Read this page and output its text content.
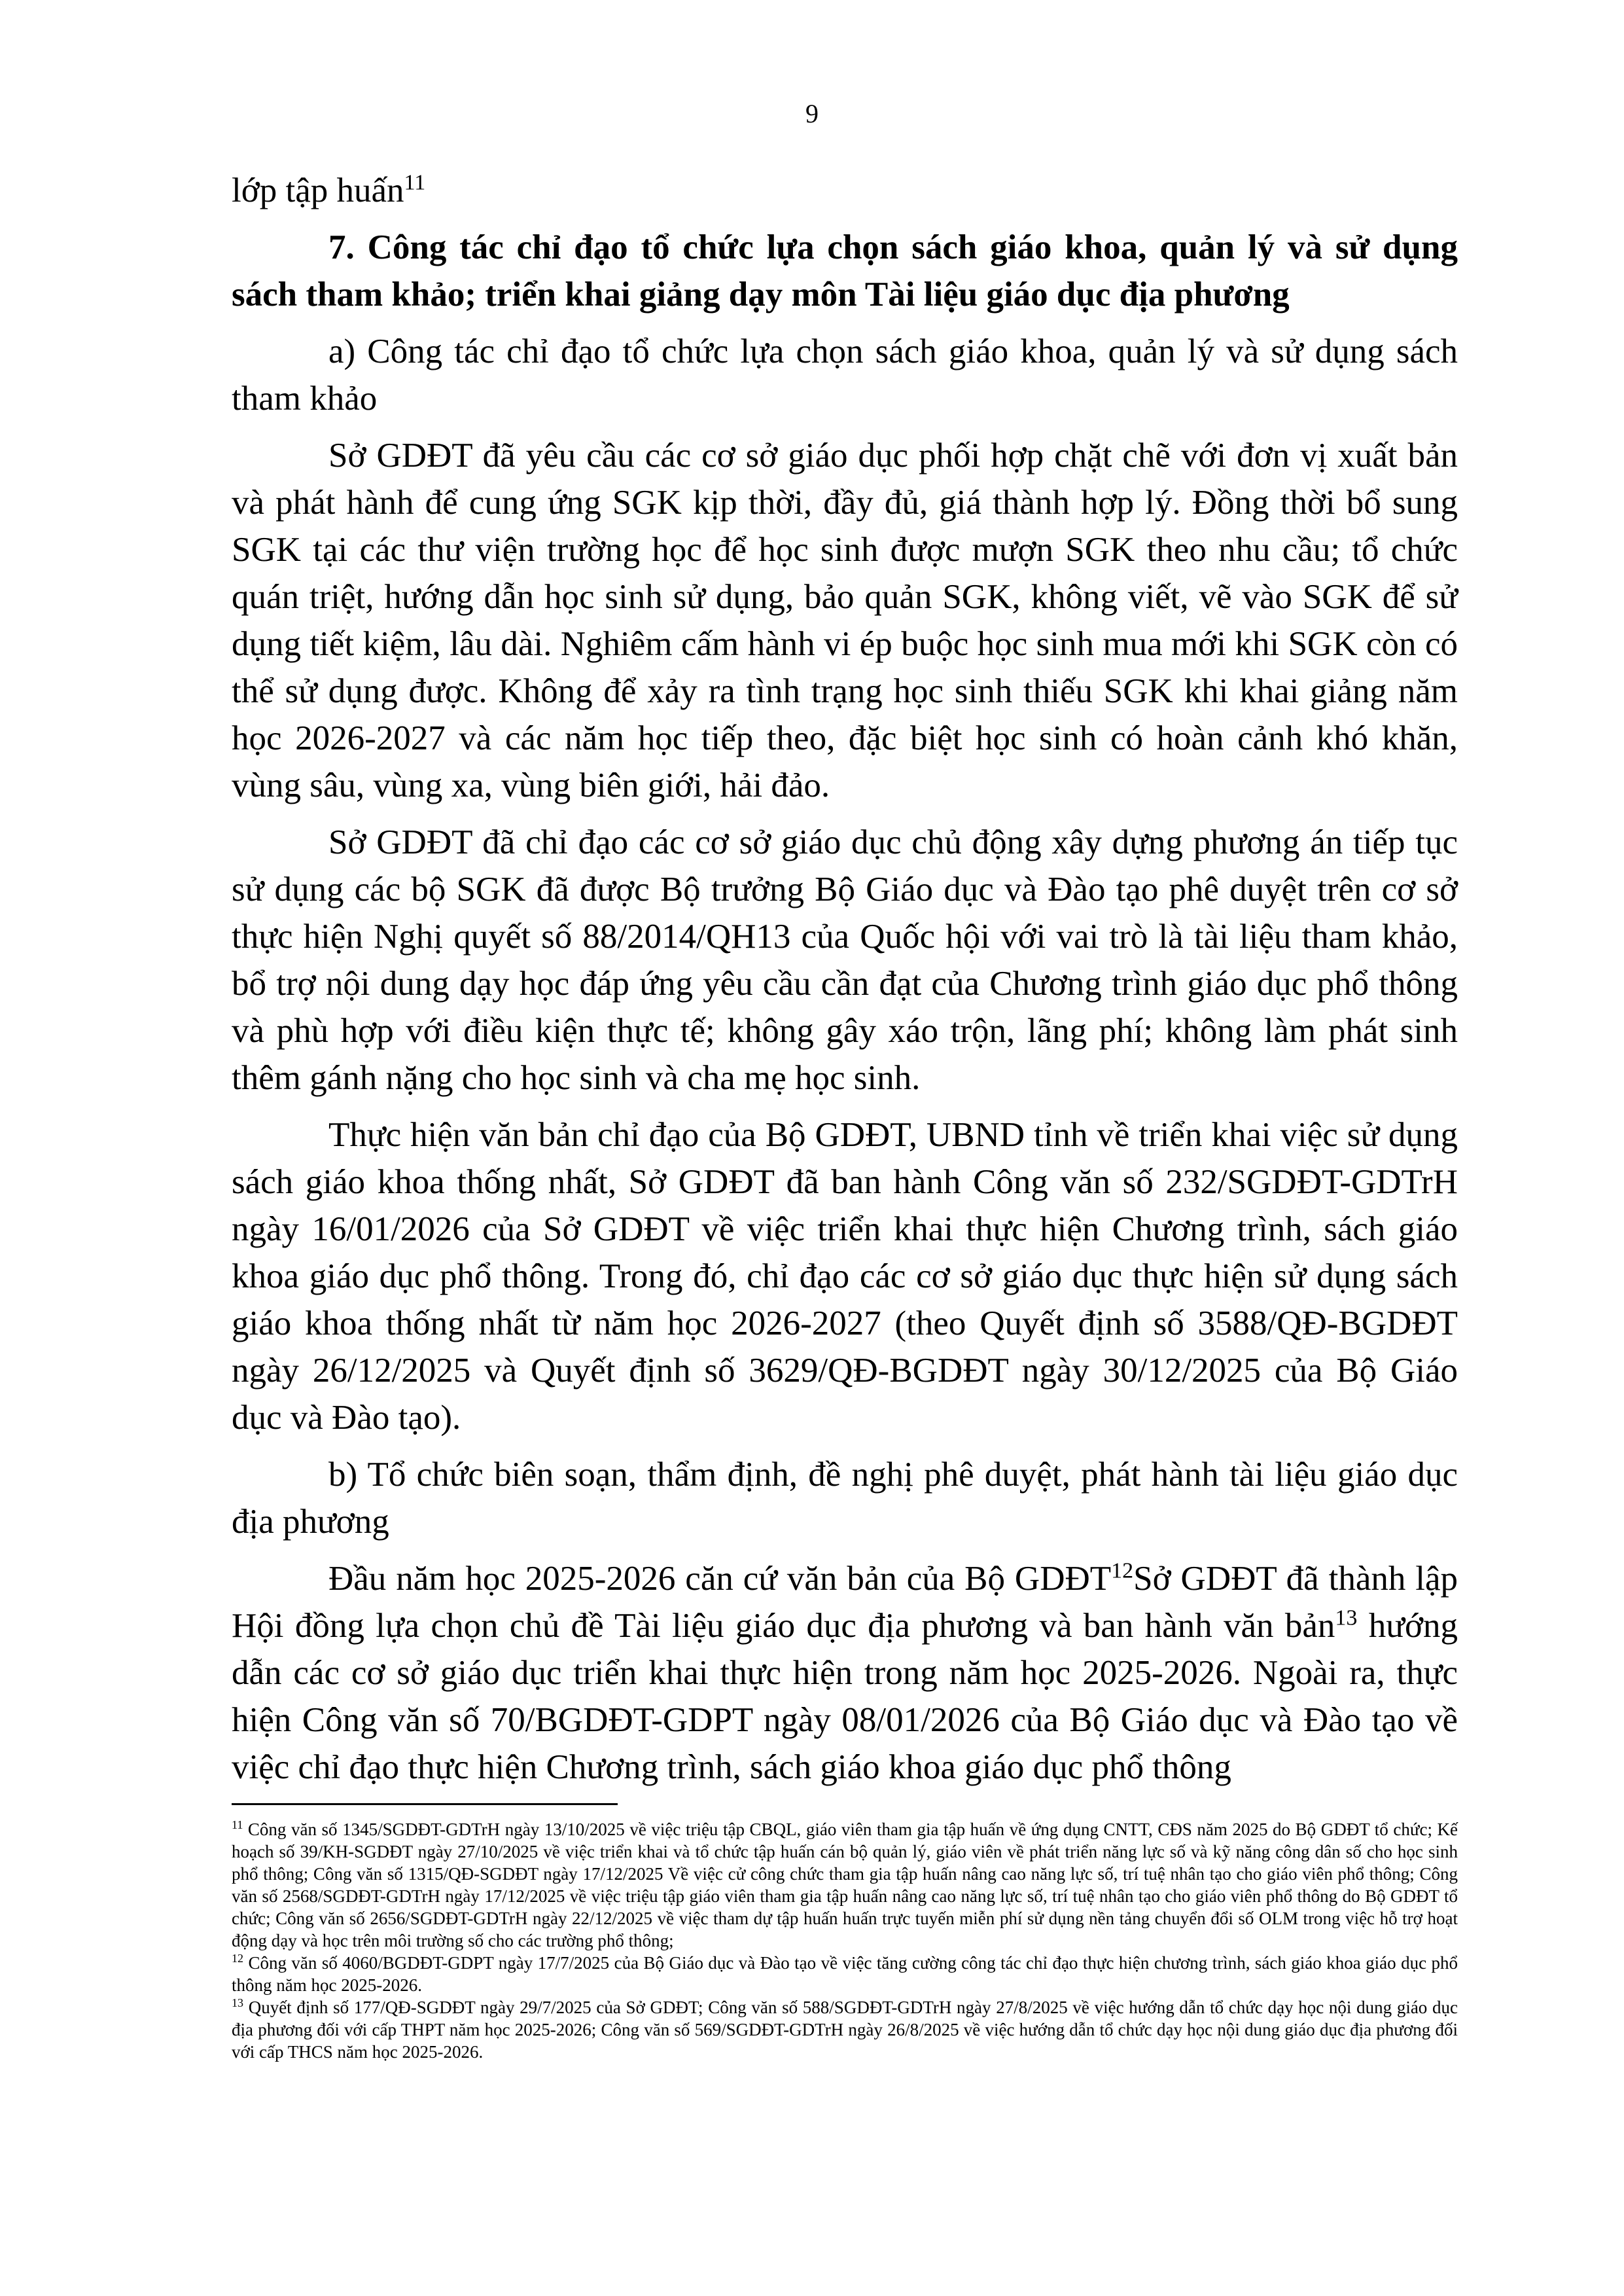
9

lớp tập huấn$^{11}$

7. Công tác chỉ đạo tổ chức lựa chọn sách giáo khoa, quản lý và sử dụng sách tham khảo; triển khai giảng dạy môn Tài liệu giáo dục địa phương

a) Công tác chỉ đạo tổ chức lựa chọn sách giáo khoa, quản lý và sử dụng sách tham khảo

Sở GDĐT đã yêu cầu các cơ sở giáo dục phối hợp chặt chẽ với đơn vị xuất bản và phát hành để cung ứng SGK kịp thời, đầy đủ, giá thành hợp lý. Đồng thời bổ sung SGK tại các thư viện trường học để học sinh được mượn SGK theo nhu cầu; tổ chức quán triệt, hướng dẫn học sinh sử dụng, bảo quản SGK, không viết, vẽ vào SGK để sử dụng tiết kiệm, lâu dài. Nghiêm cấm hành vi ép buộc học sinh mua mới khi SGK còn có thể sử dụng được. Không để xảy ra tình trạng học sinh thiếu SGK khi khai giảng năm học 2026-2027 và các năm học tiếp theo, đặc biệt học sinh có hoàn cảnh khó khăn, vùng sâu, vùng xa, vùng biên giới, hải đảo.

Sở GDĐT đã chỉ đạo các cơ sở giáo dục chủ động xây dựng phương án tiếp tục sử dụng các bộ SGK đã được Bộ trưởng Bộ Giáo dục và Đào tạo phê duyệt trên cơ sở thực hiện Nghị quyết số 88/2014/QH13 của Quốc hội với vai trò là tài liệu tham khảo, bổ trợ nội dung dạy học đáp ứng yêu cầu cần đạt của Chương trình giáo dục phổ thông và phù hợp với điều kiện thực tế; không gây xáo trộn, lãng phí; không làm phát sinh thêm gánh nặng cho học sinh và cha mẹ học sinh.

Thực hiện văn bản chỉ đạo của Bộ GDĐT, UBND tỉnh về triển khai việc sử dụng sách giáo khoa thống nhất, Sở GDĐT đã ban hành Công văn số 232/SGDĐT-GDTrH ngày 16/01/2026 của Sở GDĐT về việc triển khai thực hiện Chương trình, sách giáo khoa giáo dục phổ thông. Trong đó, chỉ đạo các cơ sở giáo dục thực hiện sử dụng sách giáo khoa thống nhất từ năm học 2026-2027 (theo Quyết định số 3588/QĐ-BGDĐT ngày 26/12/2025 và Quyết định số 3629/QĐ-BGDĐT ngày 30/12/2025 của Bộ Giáo dục và Đào tạo).

b) Tổ chức biên soạn, thẩm định, đề nghị phê duyệt, phát hành tài liệu giáo dục địa phương

Đầu năm học 2025-2026 căn cứ văn bản của Bộ GDĐT$^{12}$Sở GDĐT đã thành lập Hội đồng lựa chọn chủ đề Tài liệu giáo dục địa phương và ban hành văn bản$^{13}$ hướng dẫn các cơ sở giáo dục triển khai thực hiện trong năm học 2025-2026. Ngoài ra, thực hiện Công văn số 70/BGDĐT-GDPT ngày 08/01/2026 của Bộ Giáo dục và Đào tạo về việc chỉ đạo thực hiện Chương trình, sách giáo khoa giáo dục phổ thông

$^{11}$ Công văn số 1345/SGDĐT-GDTrH ngày 13/10/2025 về việc triệu tập CBQL, giáo viên tham gia tập huấn về ứng dụng CNTT, CĐS năm 2025 do Bộ GDĐT tổ chức; Kế hoạch số 39/KH-SGDĐT ngày 27/10/2025 về việc triển khai và tổ chức tập huấn cán bộ quản lý, giáo viên về phát triển năng lực số và kỹ năng công dân số cho học sinh phổ thông; Công văn số 1315/QĐ-SGDĐT ngày 17/12/2025 Về việc cử công chức tham gia tập huấn nâng cao năng lực số, trí tuệ nhân tạo cho giáo viên phổ thông; Công văn số 2568/SGDĐT-GDTrH ngày 17/12/2025 về việc triệu tập giáo viên tham gia tập huấn nâng cao năng lực số, trí tuệ nhân tạo cho giáo viên phổ thông do Bộ GDĐT tổ chức; Công văn số 2656/SGDĐT-GDTrH ngày 22/12/2025 về việc tham dự tập huấn huấn trực tuyến miễn phí sử dụng nền tảng chuyển đổi số OLM trong việc hỗ trợ hoạt động dạy và học trên môi trường số cho các trường phổ thông;

$^{12}$ Công văn số 4060/BGDĐT-GDPT ngày 17/7/2025 của Bộ Giáo dục và Đào tạo về việc tăng cường công tác chỉ đạo thực hiện chương trình, sách giáo khoa giáo dục phổ thông năm học 2025-2026.

$^{13}$ Quyết định số 177/QĐ-SGDĐT ngày 29/7/2025 của Sở GDĐT; Công văn số 588/SGDĐT-GDTrH ngày 27/8/2025 về việc hướng dẫn tổ chức dạy học nội dung giáo dục địa phương đối với cấp THPT năm học 2025-2026; Công văn số 569/SGDĐT-GDTrH ngày 26/8/2025 về việc hướng dẫn tổ chức dạy học nội dung giáo dục địa phương đối với cấp THCS năm học 2025-2026.
